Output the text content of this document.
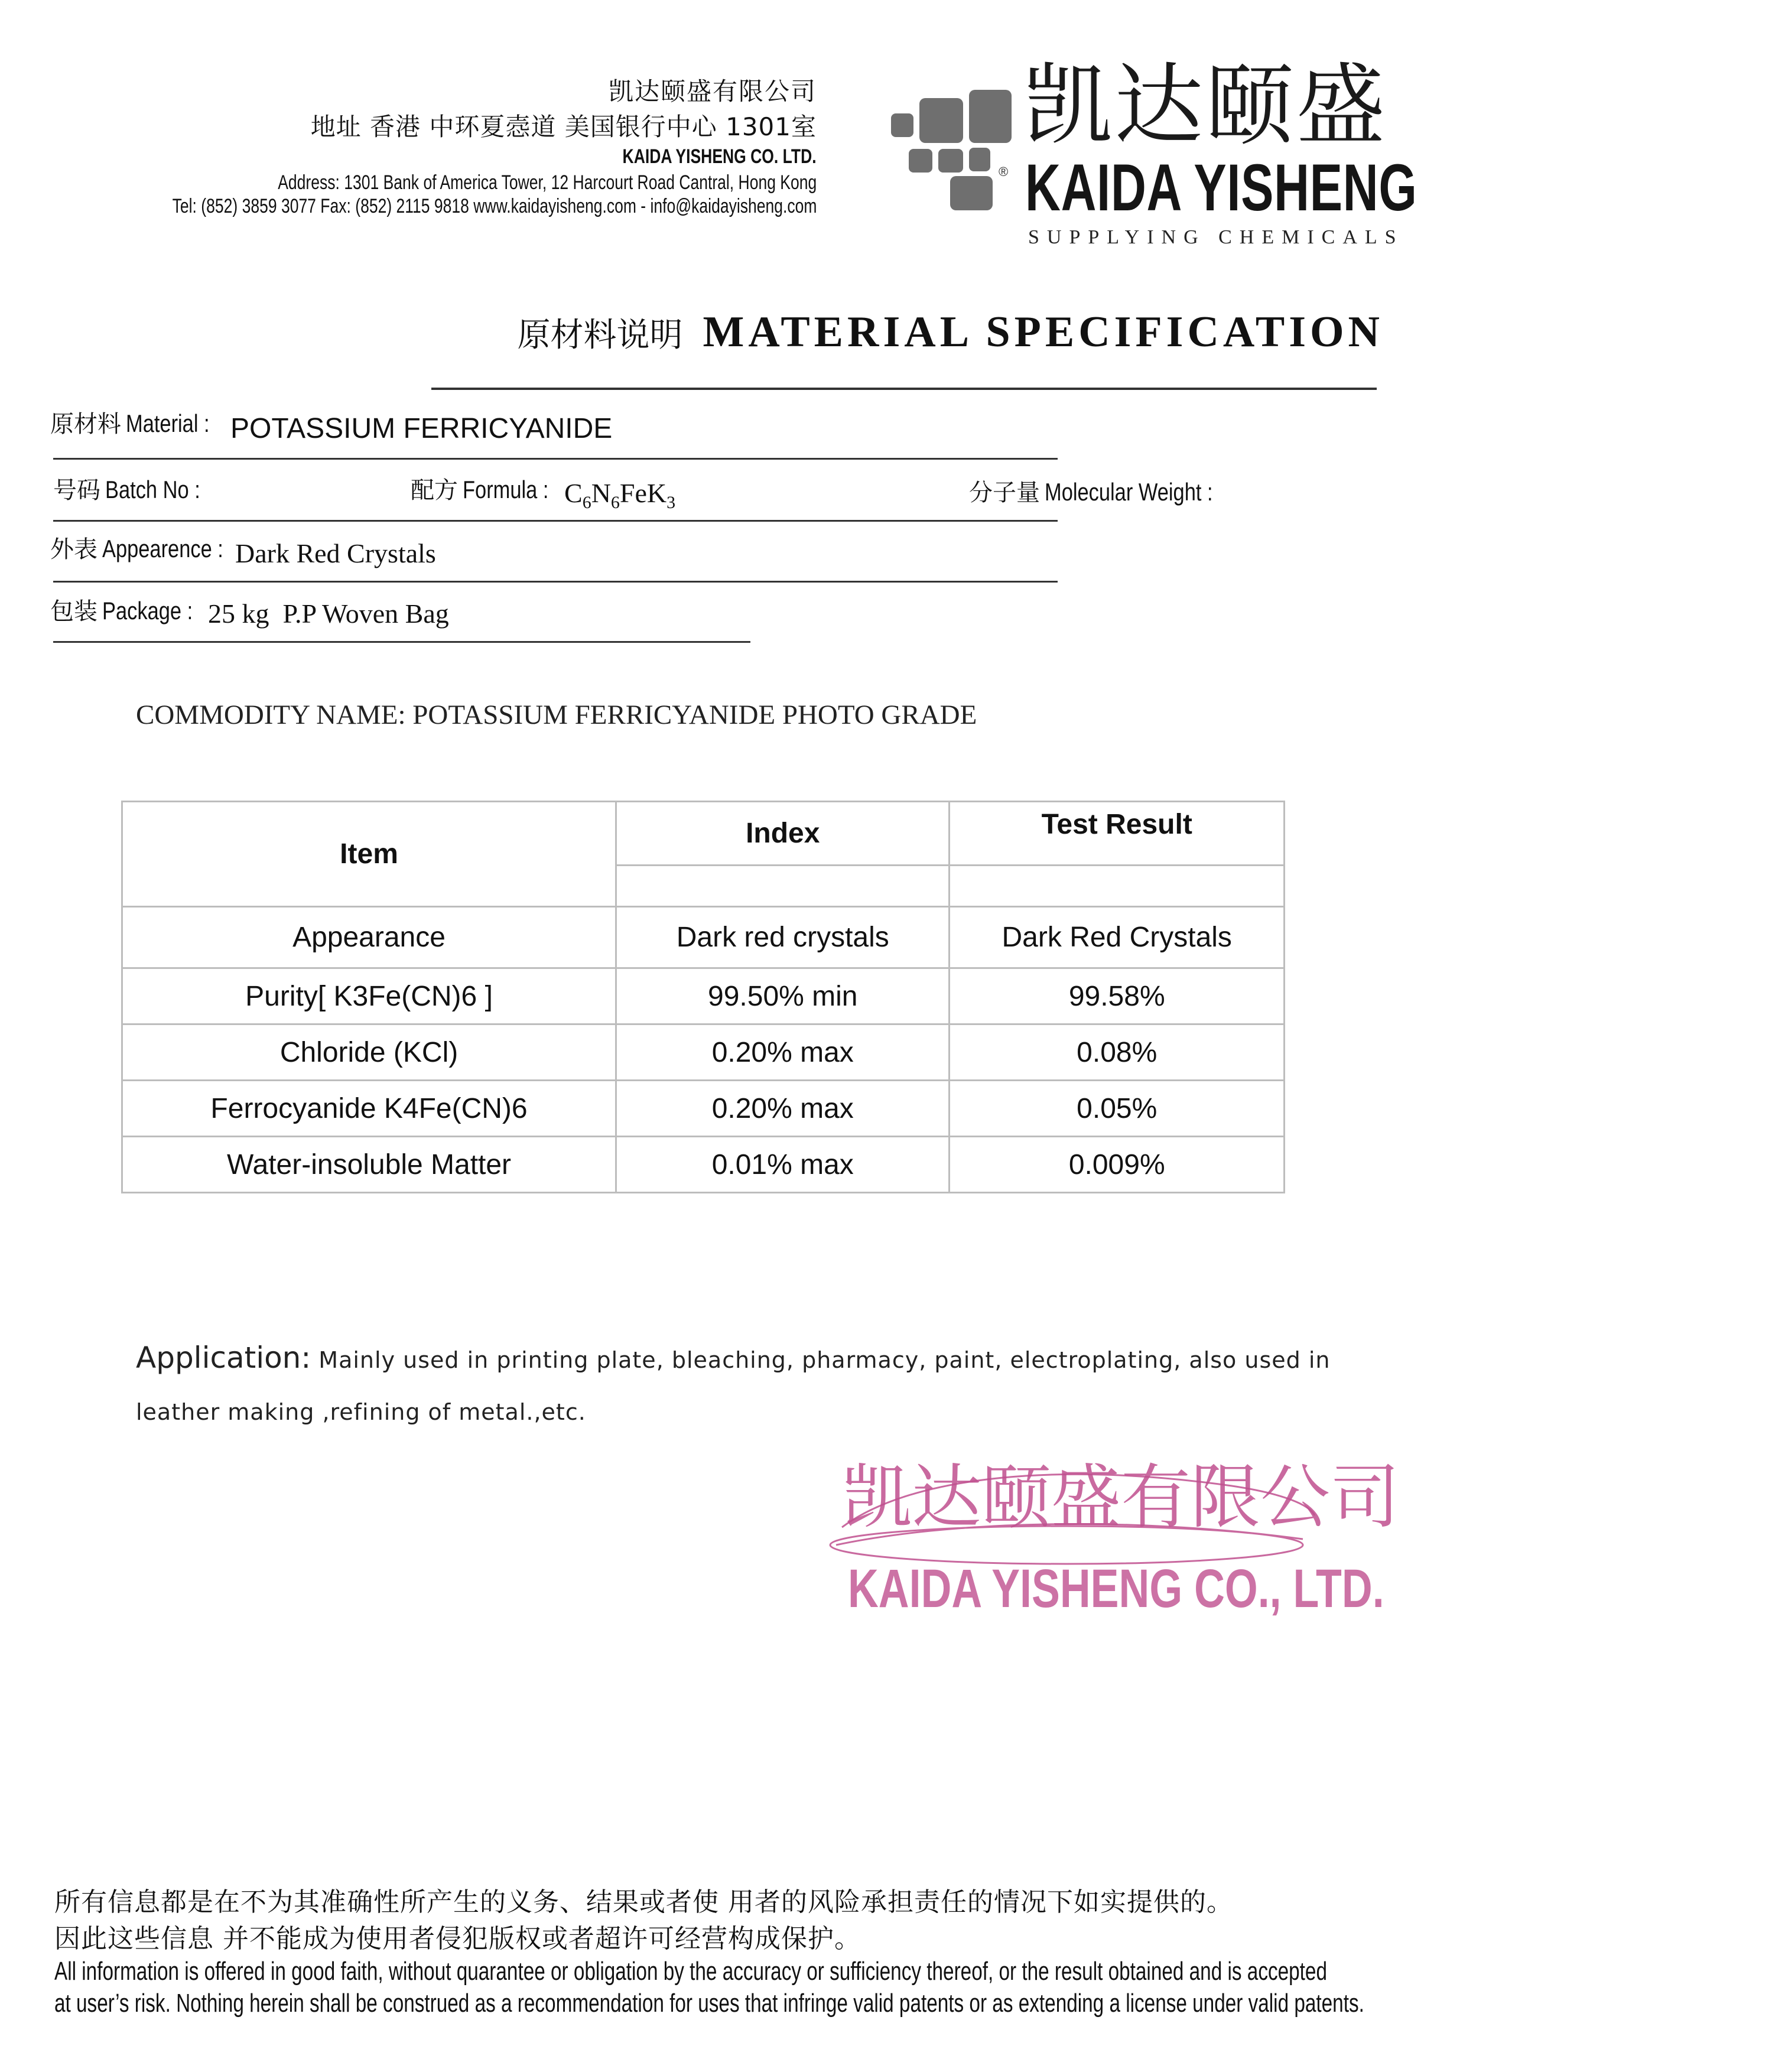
凯达颐盛有限公司
地址 香港 中环夏悫道 美国银行中心 1301室
KAIDA YISHENG CO. LTD.
Address: 1301 Bank of America Tower, 12 Harcourt Road Cantral, Hong Kong
Tel: (852) 3859 3077 Fax: (852) 2115 9818 www.kaidayisheng.com - info@kaidayisheng.com
®
凯达颐盛
KAIDA YISHENG
SUPPLYING CHEMICALS
原材料说明 MATERIAL SPECIFICATION
原材料 Material : POTASSIUM FERRICYANIDE
号码 Batch No :	配方 Formula : $C_6N_6FeK_3$	分子量 Molecular Weight :
外表 Appearence : Dark Red Crystals
包装 Package : 25 kg  P.P Woven Bag
COMMODITY NAME: POTASSIUM FERRICYANIDE PHOTO GRADE
Item	Index	Test Result

Appearance	Dark red crystals	Dark Red Crystals
Purity[ K3Fe(CN)6 ]	99.50% min	99.58%
Chloride (KCl)	0.20% max	0.08%
Ferrocyanide K4Fe(CN)6	0.20% max	0.05%
Water-insoluble Matter	0.01% max	0.009%
Application: Mainly used in printing plate, bleaching, pharmacy, paint, electroplating, also used in leather making ,refining of metal.,etc.
凯达颐盛有限公司
KAIDA YISHENG CO., LTD.
所有信息都是在不为其准确性所产生的义务、结果或者使 用者的风险承担责任的情况下如实提供的。
因此这些信息 并不能成为使用者侵犯版权或者超许可经营构成保护。
All information is offered in good faith, without quarantee or obligation by the accuracy or sufficiency thereof, or the result obtained and is accepted
at user’s risk. Nothing herein shall be construed as a recommendation for uses that infringe valid patents or as extending a license under valid patents.
